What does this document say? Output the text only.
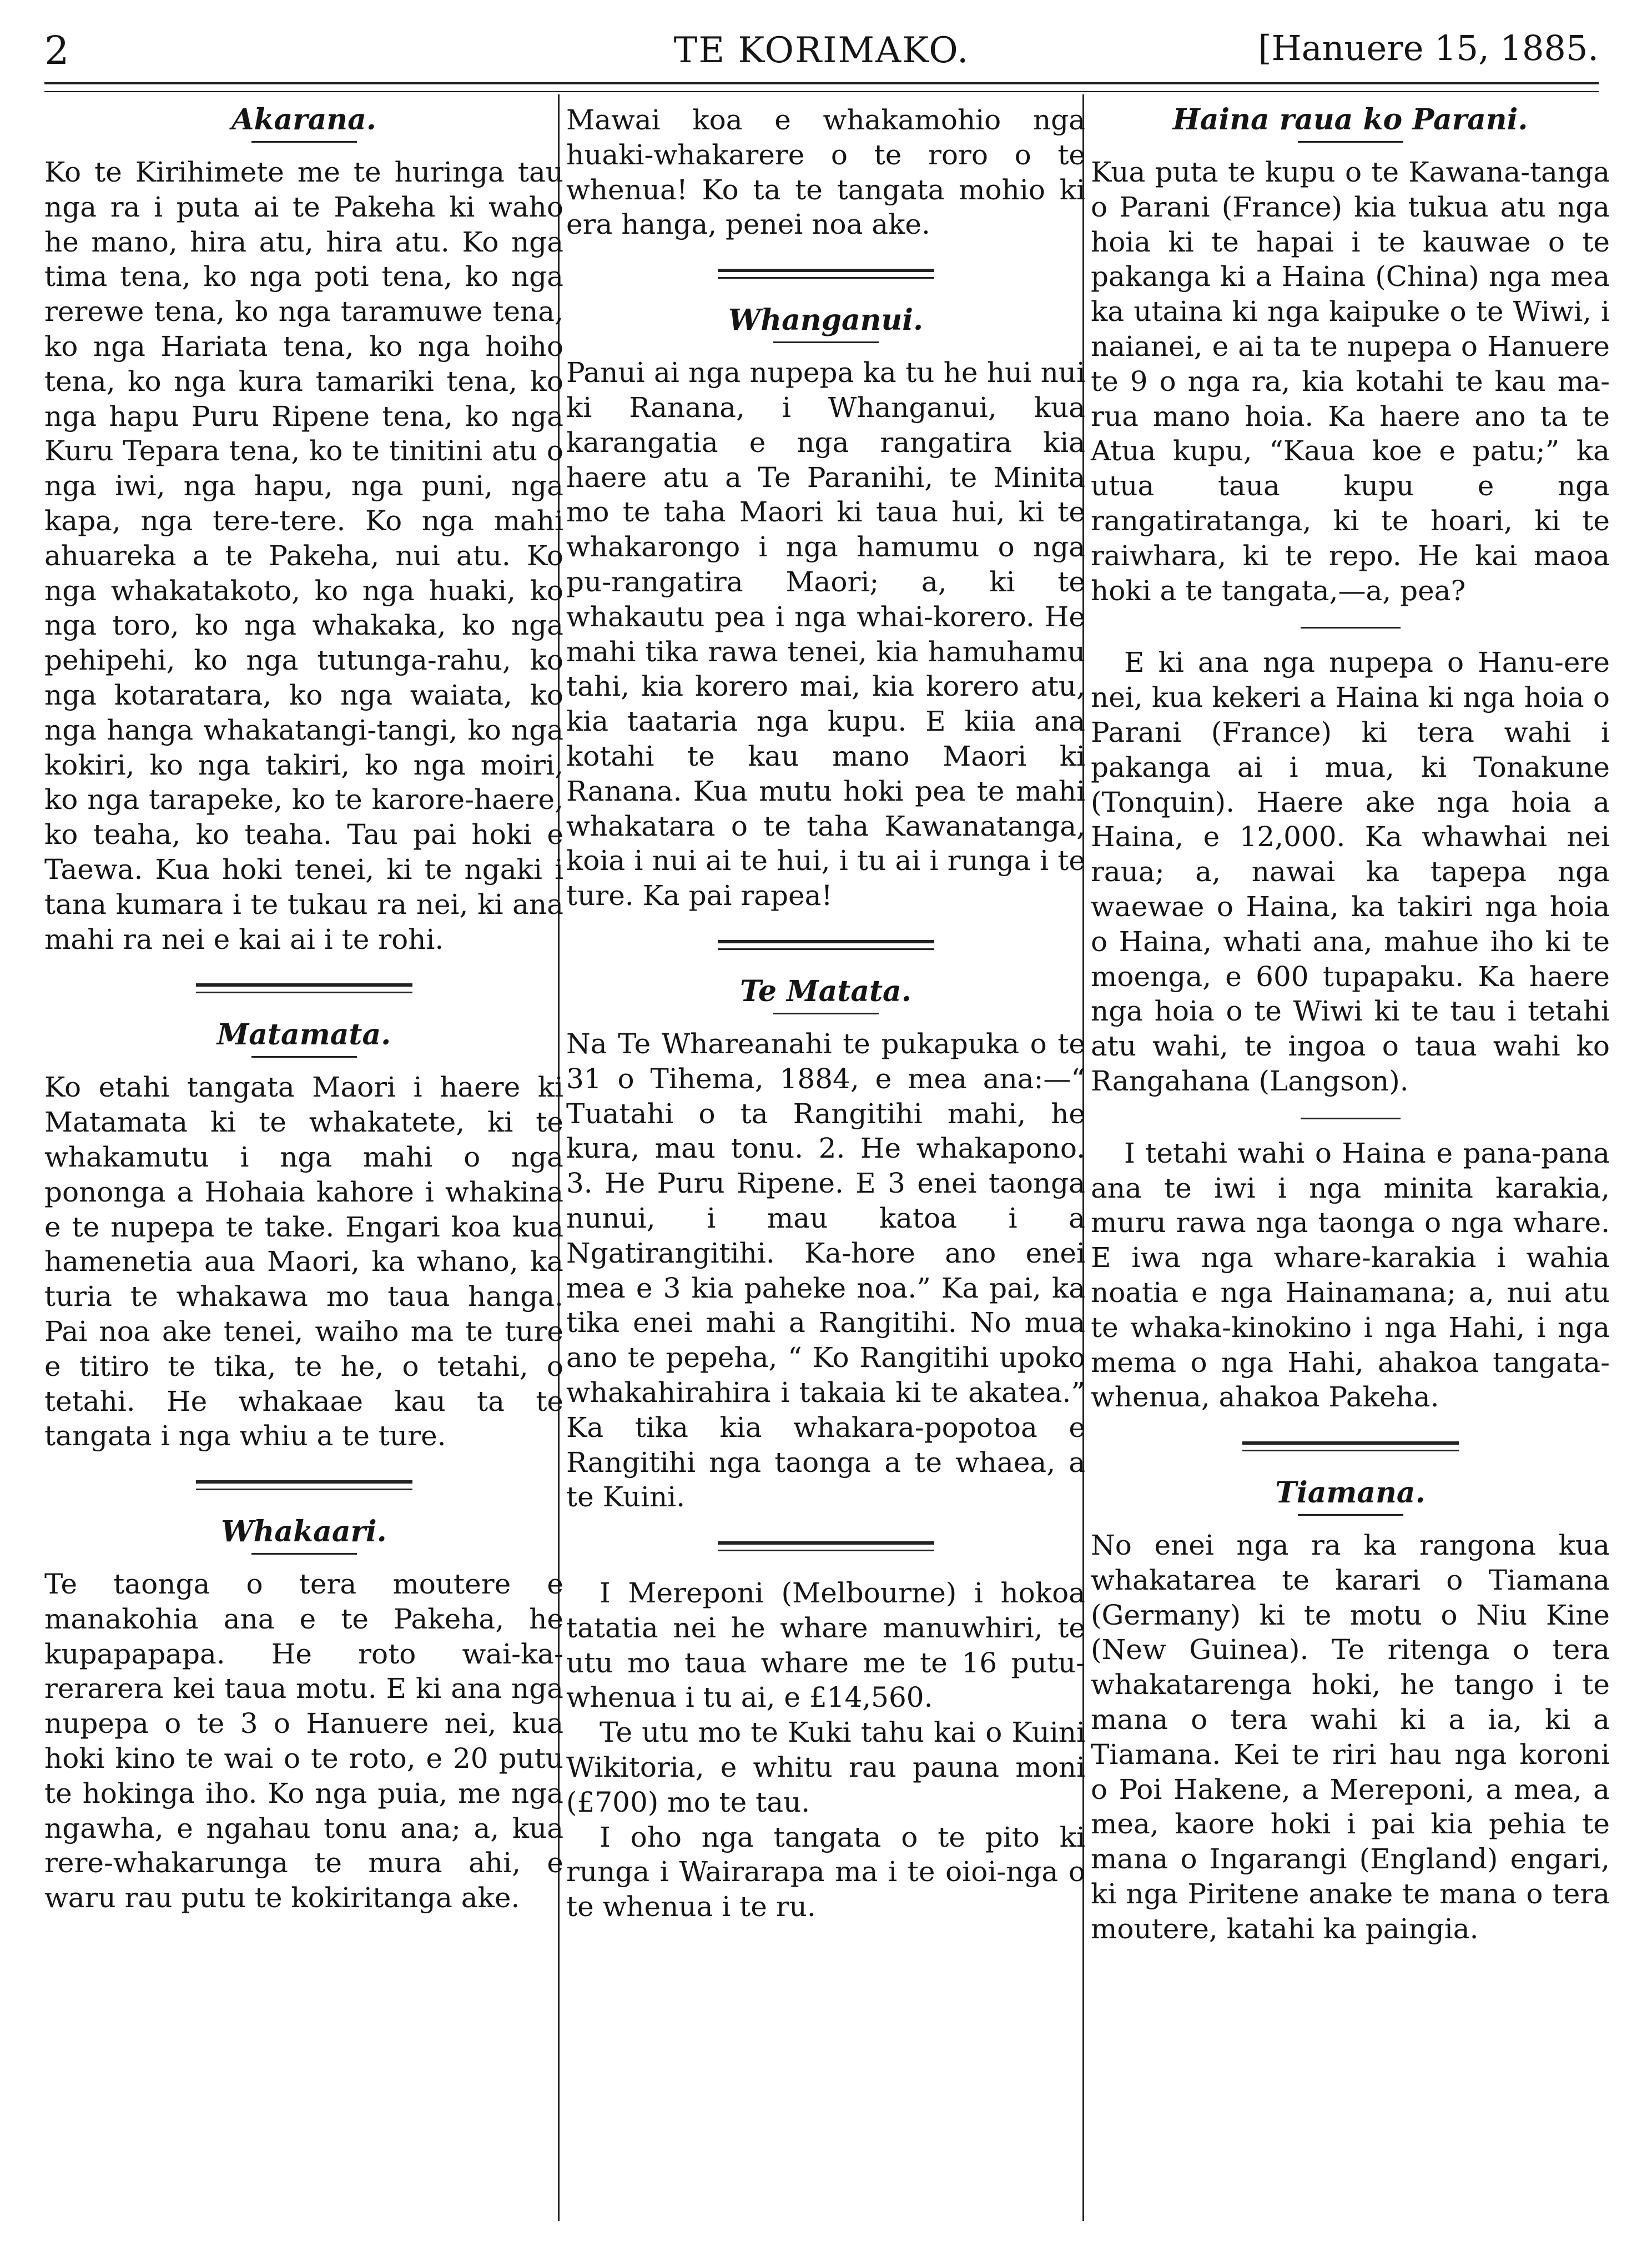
2	TE KORIMAKO.	[Hanuere 15, 1885.
Akarana.

Ko te Kirihimete me te huringa tau nga ra i puta ai te Pakeha ki waho he mano, hira atu, hira atu. Ko nga tima tena, ko nga poti tena, ko nga rerewe tena, ko nga taramuwe tena, ko nga Hariata tena, ko nga hoiho tena, ko nga kura tamariki tena, ko nga hapu Puru Ripene tena, ko nga Kuru Tepara tena, ko te tinitini atu o nga iwi, nga hapu, nga puni, nga kapa, nga tere-tere. Ko nga mahi ahuareka a te Pakeha, nui atu. Ko nga whakatakoto, ko nga huaki, ko nga toro, ko nga whakaka, ko nga pehipehi, ko nga tutunga-rahu, ko nga kotaratara, ko nga waiata, ko nga hanga whakatangi-tangi, ko nga kokiri, ko nga takiri, ko nga moiri, ko nga tarapeke, ko te karore-haere, ko teaha, ko teaha. Tau pai hoki e Taewa. Kua hoki tenei, ki te ngaki i tana kumara i te tukau ra nei, ki ana mahi ra nei e kai ai i te rohi.

Matamata.

Ko etahi tangata Maori i haere ki Matamata ki te whakatete, ki te whakamutu i nga mahi o nga pononga a Hohaia kahore i whakina e te nupepa te take. Engari koa kua hamenetia aua Maori, ka whano, ka turia te whakawa mo taua hanga. Pai noa ake tenei, waiho ma te ture e titiro te tika, te he, o tetahi, o tetahi. He whakaae kau ta te tangata i nga whiu a te ture.

Whakaari.

Te taonga o tera moutere e manakohia ana e te Pakeha, he kupapapapa. He roto wai-ka-rerarera kei taua motu. E ki ana nga nupepa o te 3 o Hanuere nei, kua hoki kino te wai o te roto, e 20 putu te hokinga iho. Ko nga puia, me nga ngawha, e ngahau tonu ana; a, kua rere-whakarunga te mura ahi, e waru rau putu te kokiritanga ake.

Mawai koa e whakamohio nga huaki-whakarere o te roro o te whenua! Ko ta te tangata mohio ki era hanga, penei noa ake.

Whanganui.

Panui ai nga nupepa ka tu he hui nui ki Ranana, i Whanganui, kua karangatia e nga rangatira kia haere atu a Te Paranihi, te Minita mo te taha Maori ki taua hui, ki te whakarongo i nga hamumu o nga pu-rangatira Maori; a, ki te whakautu pea i nga whai-korero. He mahi tika rawa tenei, kia hamuhamu tahi, kia korero mai, kia korero atu, kia taataria nga kupu. E kiia ana kotahi te kau mano Maori ki Ranana. Kua mutu hoki pea te mahi whakatara o te taha Kawanatanga, koia i nui ai te hui, i tu ai i runga i te ture. Ka pai rapea!

Te Matata.

Na Te Whareanahi te pukapuka o te 31 o Tihema, 1884, e mea ana:—“ Tuatahi o ta Rangitihi mahi, he kura, mau tonu. 2. He whakapono. 3. He Puru Ripene. E 3 enei taonga nunui, i mau katoa i a Ngatirangitihi. Ka-hore ano enei mea e 3 kia paheke noa.” Ka pai, ka tika enei mahi a Rangitihi. No mua ano te pepeha, “ Ko Rangitihi upoko whakahirahira i takaia ki te akatea.” Ka tika kia whakara-popotoa e Rangitihi nga taonga a te whaea, a te Kuini.

I Mereponi (Melbourne) i hokoa tatatia nei he whare manuwhiri, te utu mo taua whare me te 16 putu-whenua i tu ai, e £14,560.

Te utu mo te Kuki tahu kai o Kuini Wikitoria, e whitu rau pauna moni (£700) mo te tau.

I oho nga tangata o te pito ki runga i Wairarapa ma i te oioi-nga o te whenua i te ru.

Haina raua ko Parani.

Kua puta te kupu o te Kawana-tanga o Parani (France) kia tukua atu nga hoia ki te hapai i te kauwae o te pakanga ki a Haina (China) nga mea ka utaina ki nga kaipuke o te Wiwi, i naianei, e ai ta te nupepa o Hanuere te 9 o nga ra, kia kotahi te kau ma-rua mano hoia. Ka haere ano ta te Atua kupu, “Kaua koe e patu;” ka utua taua kupu e nga rangatiratanga, ki te hoari, ki te raiwhara, ki te repo. He kai maoa hoki a te tangata,—a, pea?

E ki ana nga nupepa o Hanu-ere nei, kua kekeri a Haina ki nga hoia o Parani (France) ki tera wahi i pakanga ai i mua, ki Tonakune (Tonquin). Haere ake nga hoia a Haina, e 12,000. Ka whawhai nei raua; a, nawai ka tapepa nga waewae o Haina, ka takiri nga hoia o Haina, whati ana, mahue iho ki te moenga, e 600 tupapaku. Ka haere nga hoia o te Wiwi ki te tau i tetahi atu wahi, te ingoa o taua wahi ko Rangahana (Langson).

I tetahi wahi o Haina e pana-pana ana te iwi i nga minita karakia, muru rawa nga taonga o nga whare. E iwa nga whare-karakia i wahia noatia e nga Hainamana; a, nui atu te whaka-kinokino i nga Hahi, i nga mema o nga Hahi, ahakoa tangata-whenua, ahakoa Pakeha.

Tiamana.

No enei nga ra ka rangona kua whakatarea te karari o Tiamana (Germany) ki te motu o Niu Kine (New Guinea). Te ritenga o tera whakatarenga hoki, he tango i te mana o tera wahi ki a ia, ki a Tiamana. Kei te riri hau nga koroni o Poi Hakene, a Mereponi, a mea, a mea, kaore hoki i pai kia pehia te mana o Ingarangi (England) engari, ki nga Piritene anake te mana o tera moutere, katahi ka paingia.
